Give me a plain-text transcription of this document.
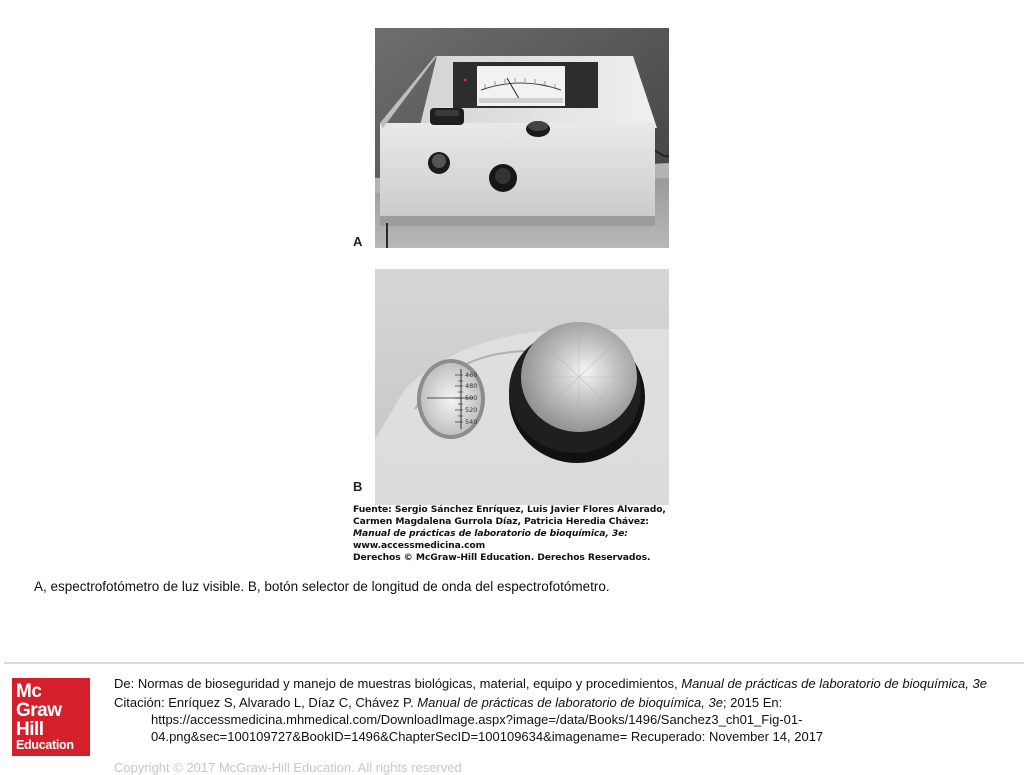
A
460
480
500
520
540
B
Fuente: Sergio Sánchez Enríquez, Luis Javier Flores Alvarado,
Carmen Magdalena Gurrola Díaz, Patricia Heredia Chávez:
Manual de prácticas de laboratorio de bioquímica, 3e:
www.accessmedicina.com
Derechos © McGraw-Hill Education. Derechos Reservados.
A, espectrofotómetro de luz visible. B, botón selector de longitud de onda del espectrofotómetro.
Mc
Graw
Hill
Education
De: Normas de bioseguridad y manejo de muestras biológicas, material, equipo y procedimientos, Manual de prácticas de laboratorio de bioquímica, 3e
Citación: Enríquez S, Alvarado L, Díaz C, Chávez P. Manual de prácticas de laboratorio de bioquímica, 3e; 2015 En: https://accessmedicina.mhmedical.com/DownloadImage.aspx?image=/data/Books/1496/Sanchez3_ch01_Fig-01-04.png&sec=100109727&BookID=1496&ChapterSecID=100109634&imagename= Recuperado: November 14, 2017
Copyright © 2017 McGraw-Hill Education. All rights reserved
